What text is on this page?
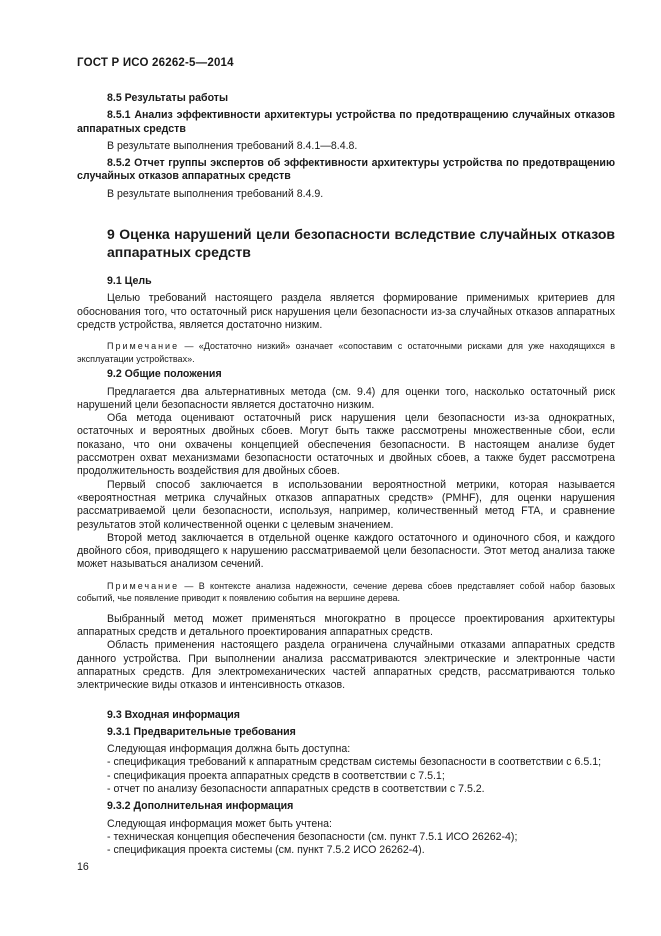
ГОСТ Р ИСО 26262-5—2014

8.5 Результаты работы

8.5.1 Анализ эффективности архитектуры устройства по предотвращению случайных отказов аппаратных средств

В результате выполнения требований 8.4.1—8.4.8.

8.5.2 Отчет группы экспертов об эффективности архитектуры устройства по предотвращению случайных отказов аппаратных средств

В результате выполнения требований 8.4.9.

9 Оценка нарушений цели безопасности вследствие случайных отказов аппаратных средств

9.1 Цель

Целью требований настоящего раздела является формирование применимых критериев для обоснования того, что остаточный риск нарушения цели безопасности из-за случайных отказов аппаратных средств устройства, является достаточно низким.

Примечание — «Достаточно низкий» означает «сопоставим с остаточными рисками для уже находящихся в эксплуатации устройствах».

9.2 Общие положения

Предлагается два альтернативных метода (см. 9.4) для оценки того, насколько остаточный риск нарушений цели безопасности является достаточно низким.

Оба метода оценивают остаточный риск нарушения цели безопасности из-за однократных, остаточных и вероятных двойных сбоев. Могут быть также рассмотрены множественные сбои, если показано, что они охвачены концепцией обеспечения безопасности. В настоящем анализе будет рассмотрен охват механизмами безопасности остаточных и двойных сбоев, а также будет рассмотрена продолжительность воздействия для двойных сбоев.

Первый способ заключается в использовании вероятностной метрики, которая называется «вероятностная метрика случайных отказов аппаратных средств» (PMHF), для оценки нарушения рассматриваемой цели безопасности, используя, например, количественный метод FTA, и сравнение результатов этой количественной оценки с целевым значением.

Второй метод заключается в отдельной оценке каждого остаточного и одиночного сбоя, и каждого двойного сбоя, приводящего к нарушению рассматриваемой цели безопасности. Этот метод анализа также может называться анализом сечений.

Примечание — В контексте анализа надежности, сечение дерева сбоев представляет собой набор базовых событий, чье появление приводит к появлению события на вершине дерева.

Выбранный метод может применяться многократно в процессе проектирования архитектуры аппаратных средств и детального проектирования аппаратных средств.

Область применения настоящего раздела ограничена случайными отказами аппаратных средств данного устройства. При выполнении анализа рассматриваются электрические и электронные части аппаратных средств. Для электромеханических частей аппаратных средств, рассматриваются только электрические виды отказов и интенсивность отказов.

9.3 Входная информация

9.3.1 Предварительные требования

Следующая информация должна быть доступна:

- спецификация требований к аппаратным средствам системы безопасности в соответствии с 6.5.1;

- спецификация проекта аппаратных средств в соответствии с 7.5.1;

- отчет по анализу безопасности аппаратных средств в соответствии с 7.5.2.

9.3.2 Дополнительная информация

Следующая информация может быть учтена:

- техническая концепция обеспечения безопасности (см. пункт 7.5.1 ИСО 26262-4);

- спецификация проекта системы (см. пункт 7.5.2 ИСО 26262-4).

16
